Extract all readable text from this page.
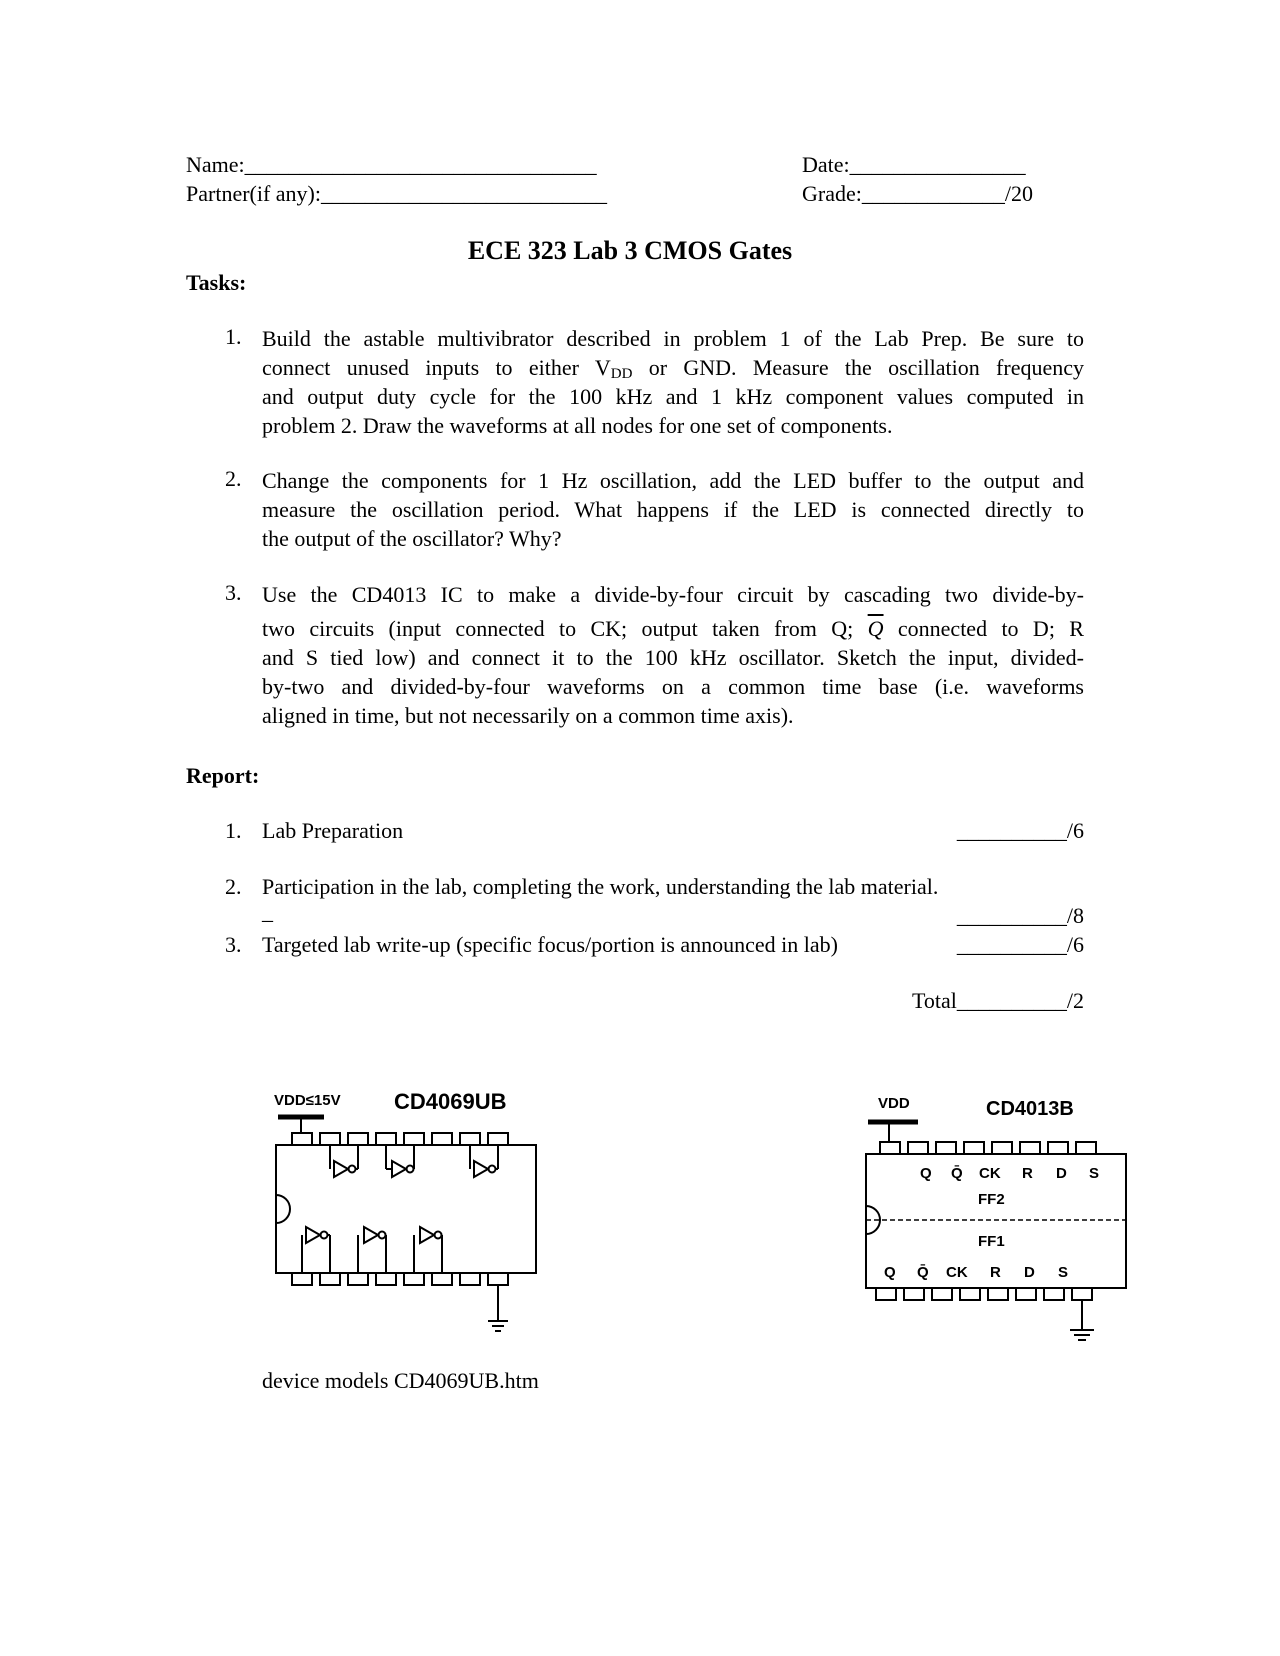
Name:________________________________
Partner(if any):__________________________
Date:________________
Grade:_____________/20
ECE 323 Lab 3 CMOS Gates
Tasks:
1. Build the astable multivibrator described in problem 1 of the Lab Prep. Be sure to
connect unused inputs to either $V_{DD}$ or GND. Measure the oscillation frequency
and output duty cycle for the 100 kHz and 1 kHz component values computed in
problem 2. Draw the waveforms at all nodes for one set of components.
2. Change the components for 1 Hz oscillation, add the LED buffer to the output and
measure the oscillation period. What happens if the LED is connected directly to
the output of the oscillator? Why?
3. Use the CD4013 IC to make a divide-by-four circuit by cascading two divide-by-
two circuits (input connected to CK; output taken from Q; $\overline{Q}$ connected to D; R
and S tied low) and connect it to the 100 kHz oscillator. Sketch the input, divided-
by-two and divided-by-four waveforms on a common time base (i.e. waveforms
aligned in time, but not necessarily on a common time axis).
Report:
1. Lab Preparation	__________/6
2. Participation in the lab, completing the work, understanding the lab material.
_	__________/8
3. Targeted lab write-up (specific focus/portion is announced in lab)	__________/6
Total__________/2
VDD≤15V CD4069UB	VDD	CD4013B
Q Q̄ CK R D S
FF2
FF1
Q Q̄ CK R D S
device models CD4069UB.htm
